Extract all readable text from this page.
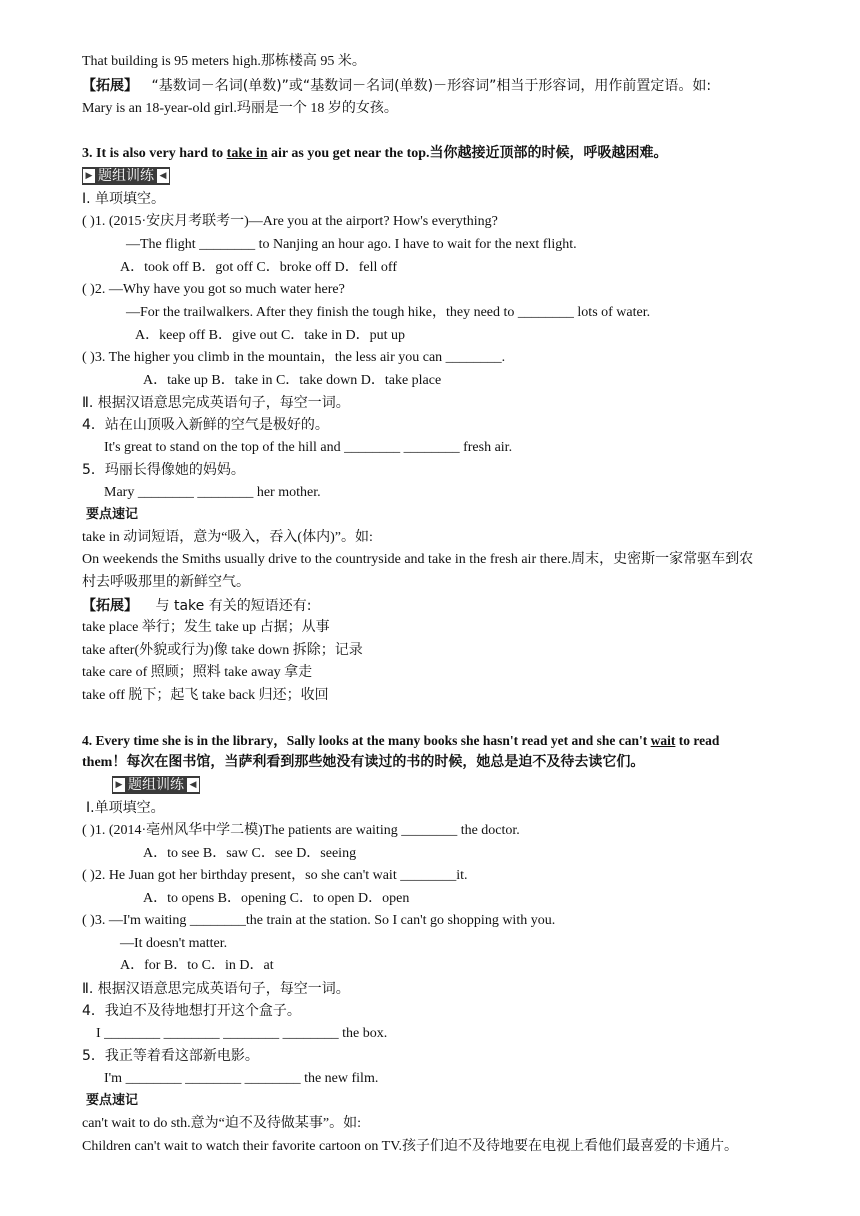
That building is 95 meters high.那栋楼高 95 米。
【拓展】 “基数词－名词(单数)”或“基数词－名词(单数)－形容词”相当于形容词，用作前置定语。如:
Mary is an 18-year-old girl.玛丽是一个 18 岁的女孩。
3. It is also very hard to take in air as you get near the top.当你越接近顶部的时候，呼吸越困难。
▶ 题组训练 ◀
Ⅰ. 单项填空。
( )1. (2015·安庆月考联考一)—Are you at the airport? How's everything?
—The flight ________ to Nanjing an hour ago. I have to wait for the next flight.
A．took off B．got off C．broke off D．fell off
( )2. —Why have you got so much water here?
—For the trailwalkers. After they finish the tough hike，they need to ________ lots of water.
A．keep off B．give out C．take in D．put up
( )3. The higher you climb in the mountain，the less air you can ________.
A．take up B．take in C．take down D．take place
Ⅱ. 根据汉语意思完成英语句子，每空一词。
4．站在山顶吸入新鲜的空气是极好的。
It's great to stand on the top of the hill and ________ ________ fresh air.
5．玛丽长得像她的妈妈。
Mary ________ ________ her mother.
要点速记
take in 动词短语，意为“吸入，吞入(体内)”。如:
On weekends the Smiths usually drive to the countryside and take in the fresh air there.周末，史密斯一家常驱车到农
村去呼吸那里的新鲜空气。
【拓展】 与 take 有关的短语还有:
take place 举行；发生 take up 占据；从事
take after(外貌或行为)像 take down 拆除；记录
take care of 照顾；照料 take away 拿走
take off 脱下；起飞 take back 归还；收回
4. Every time she is in the library，Sally looks at the many books she hasn't read yet and she can't wait to read
them！每次在图书馆，当萨利看到那些她没有读过的书的时候，她总是迫不及待去读它们。
▶ 题组训练 ◀
Ⅰ.单项填空。
( )1. (2014·亳州风华中学二模)The patients are waiting ________ the doctor.
A．to see B．saw C．see D．seeing
( )2. He Juan got her birthday present，so she can't wait ________it.
A．to opens B．opening C．to open D．open
( )3. —I'm waiting ________the train at the station. So I can't go shopping with you.
—It doesn't matter.
A．for B．to C．in D．at
Ⅱ. 根据汉语意思完成英语句子，每空一词。
4．我迫不及待地想打开这个盒子。
I ________ ________ ________ ________ the box.
5．我正等着看这部新电影。
I'm ________ ________ ________ the new film.
要点速记
can't wait to do sth.意为“迫不及待做某事”。如:
Children can't wait to watch their favorite cartoon on TV.孩子们迫不及待地要在电视上看他们最喜爱的卡通片。
